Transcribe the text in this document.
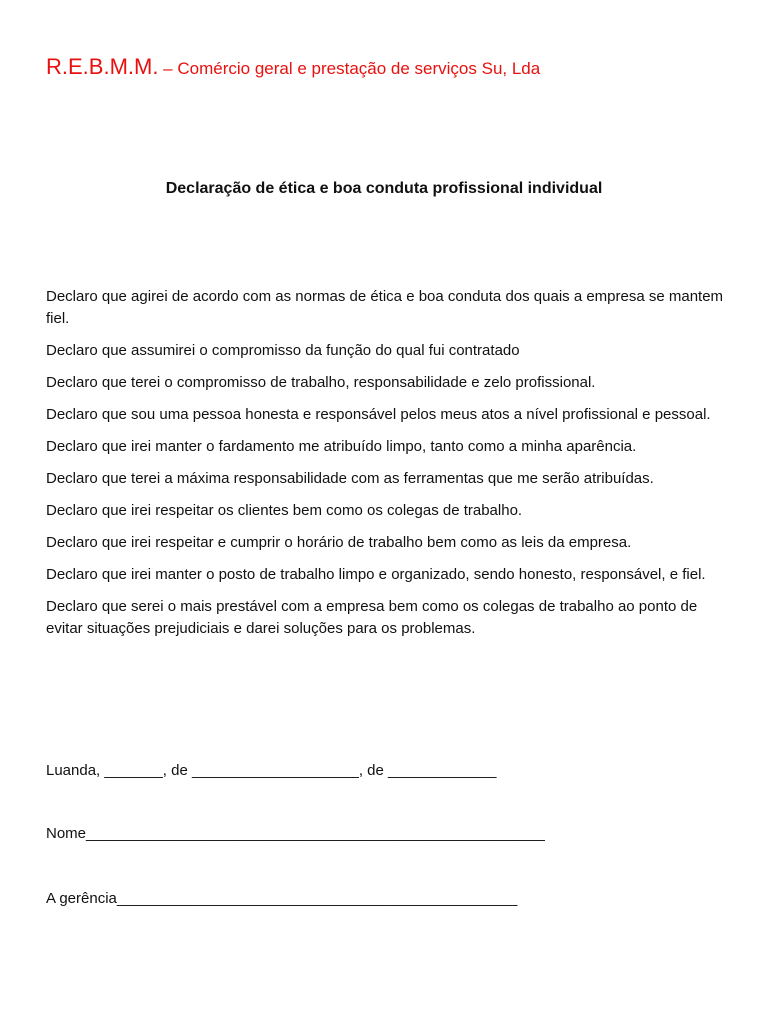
R.E.B.M.M. – Comércio geral e prestação de serviços Su, Lda
Declaração de ética e boa conduta profissional individual

Declaro que agirei de acordo com as normas de ética e boa conduta dos quais a empresa se mantem fiel.

Declaro que assumirei o compromisso da função do qual fui contratado

Declaro que terei o compromisso de trabalho, responsabilidade e zelo profissional.

Declaro que sou uma pessoa honesta e responsável pelos meus atos a nível profissional e pessoal.

Declaro que irei manter o fardamento me atribuído limpo, tanto como a minha aparência.

Declaro que terei a máxima responsabilidade com as ferramentas que me serão atribuídas.

Declaro que irei respeitar os clientes bem como os colegas de trabalho.

Declaro que irei respeitar e cumprir o horário de trabalho bem como as leis da empresa.

Declaro que irei manter o posto de trabalho limpo e organizado, sendo honesto, responsável, e fiel.

Declaro que serei o mais prestável com a empresa bem como os colegas de trabalho ao ponto de evitar situações prejudiciais e darei soluções para os problemas.

Luanda, _______, de ____________________, de _____________
Nome_______________________________________________________
A gerência________________________________________________
